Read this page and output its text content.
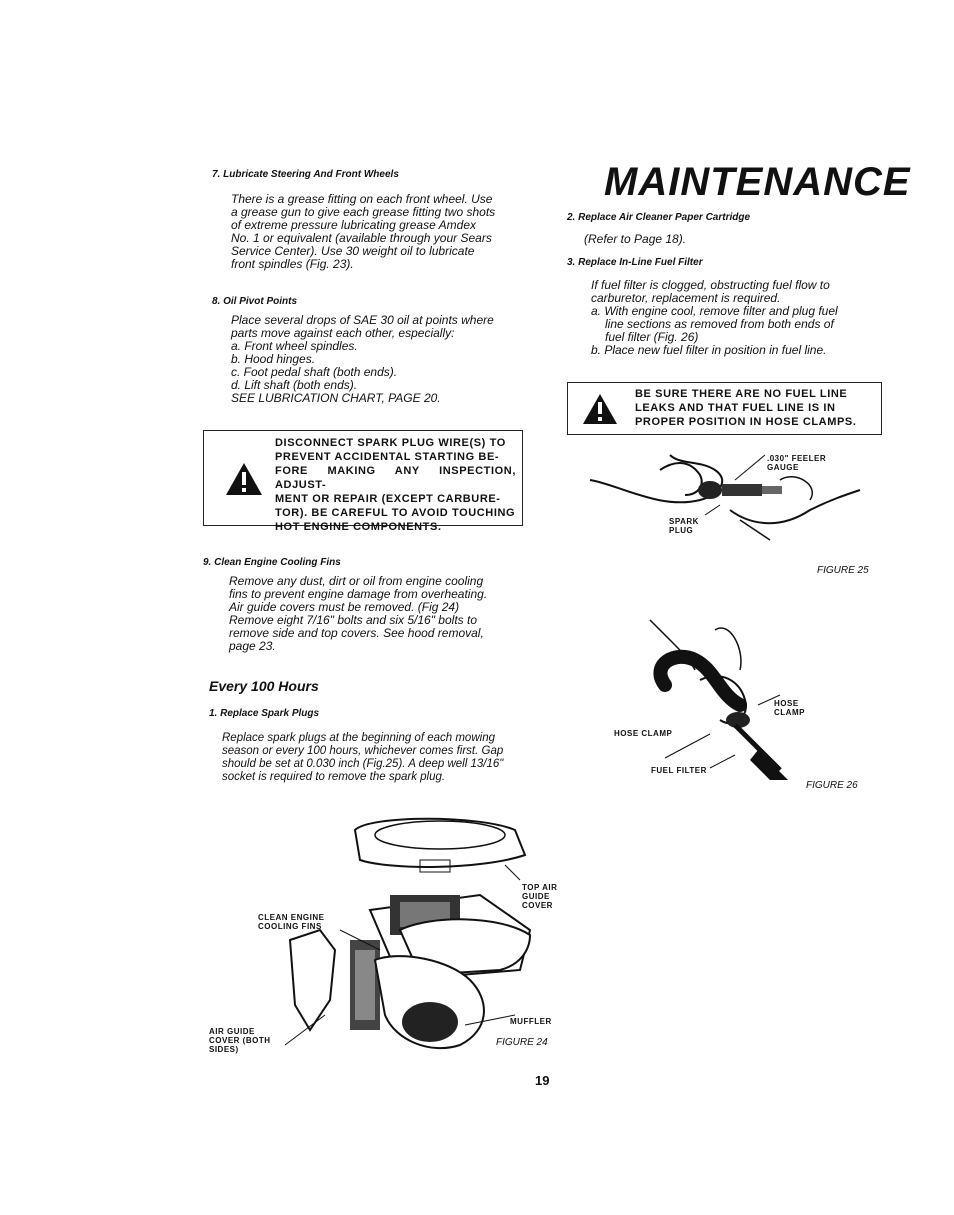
7. Lubricate Steering And Front Wheels
There is a grease fitting on each front wheel. Use
a grease gun to give each grease fitting two shots
of extreme pressure lubricating grease Amdex
No. 1 or equivalent (available through your Sears
Service Center). Use 30 weight oil to lubricate
front spindles (Fig. 23).
8. Oil Pivot Points
Place several drops of SAE 30 oil at points where
parts move against each other, especially:
a. Front wheel spindles.
b. Hood hinges.
c. Foot pedal shaft (both ends).
d. Lift shaft (both ends).
SEE LUBRICATION CHART, PAGE 20.
DISCONNECT SPARK PLUG WIRE(S) TO
PREVENT ACCIDENTAL STARTING BE-
FORE MAKING ANY INSPECTION, ADJUST-
MENT OR REPAIR (EXCEPT CARBURE-
TOR). BE CAREFUL TO AVOID TOUCHING
HOT ENGINE COMPONENTS.
9. Clean Engine Cooling Fins
Remove any dust, dirt or oil from engine cooling
fins to prevent engine damage from overheating.
Air guide covers must be removed. (Fig 24)
Remove eight 7/16" bolts and six 5/16" bolts to
remove side and top covers. See hood removal,
page 23.
Every 100 Hours
1. Replace Spark Plugs
Replace spark plugs at the beginning of each mowing
season or every 100 hours, whichever comes first. Gap
should be set at 0.030 inch (Fig.25). A deep well 13/16"
socket is required to remove the spark plug.
MAINTENANCE
2. Replace Air Cleaner Paper Cartridge
(Refer to Page 18).
3. Replace In-Line Fuel Filter
If fuel filter is clogged, obstructing fuel flow to
carburetor, replacement is required.
a. With engine cool, remove filter and plug fuel
line sections as removed from both ends of
fuel filter (Fig. 26)
b. Place new fuel filter in position in fuel line.
BE SURE THERE ARE NO FUEL LINE
LEAKS AND THAT FUEL LINE IS IN
PROPER POSITION IN HOSE CLAMPS.
.030" FEELER
GAUGE
SPARK
PLUG
FIGURE 25
HOSE
CLAMP
HOSE CLAMP
FUEL FILTER
FIGURE 26
TOP AIR
GUIDE
COVER
CLEAN ENGINE
COOLING FINS
AIR GUIDE
COVER (BOTH
SIDES)
MUFFLER
FIGURE 24
19
